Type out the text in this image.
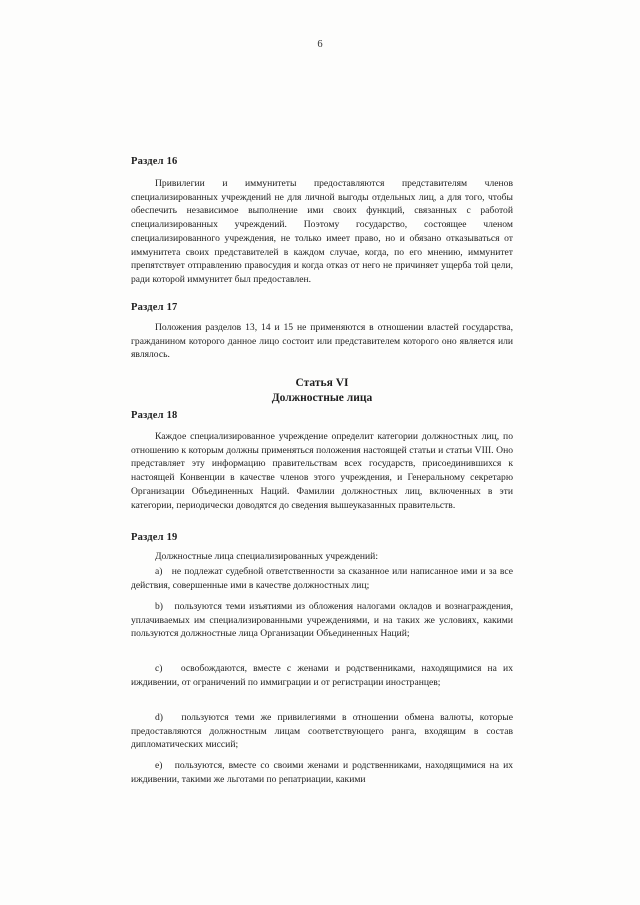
6
Раздел 16

Привилегии и иммунитеты предоставляются представителям членов специализированных учреждений не для личной выгоды отдельных лиц, а для того, чтобы обеспечить независимое выполнение ими своих функций, связанных с работой специализированных учреждений. Поэтому государство, состоящее членом специализированного учреждения, не только имеет право, но и обязано отказываться от иммунитета своих представителей в каждом случае, когда, по его мнению, иммунитет препятствует отправлению правосудия и когда отказ от него не причиняет ущерба той цели, ради которой иммунитет был предоставлен.

Раздел 17

Положения разделов 13, 14 и 15 не применяются в отношении властей государства, гражданином которого данное лицо состоит или представителем которого оно является или являлось.

Статья VI
Должностные лица
Раздел 18

Каждое специализированное учреждение определит категории должностных лиц, по отношению к которым должны применяться положения настоящей статьи и статьи VIII. Оно представляет эту информацию правительствам всех государств, присоединившихся к настоящей Конвенции в качестве членов этого учреждения, и Генеральному секретарю Организации Объединенных Наций. Фамилии должностных лиц, включенных в эти категории, периодически доводятся до сведения вышеуказанных правительств.

Раздел 19

Должностные лица специализированных учреждений:

a)   не подлежат судебной ответственности за сказанное или написанное ими и за все действия, совершенные ими в качестве должностных лиц;

b)   пользуются теми изъятиями из обложения налогами окладов и вознаграждения, уплачиваемых им специализированными учреждениями, и на таких же условиях, какими пользуются должностные лица Организации Объединенных Наций;

c)   освобождаются, вместе с женами и родственниками, находящимися на их иждивении, от ограничений по иммиграции и от регистрации иностранцев;

d)   пользуются теми же привилегиями в отношении обмена валюты, которые предоставляются должностным лицам соответствующего ранга, входящим в состав дипломатических миссий;

e)   пользуются, вместе со своими женами и родственниками, находящимися на их иждивении, такими же льготами по репатриации, какими
